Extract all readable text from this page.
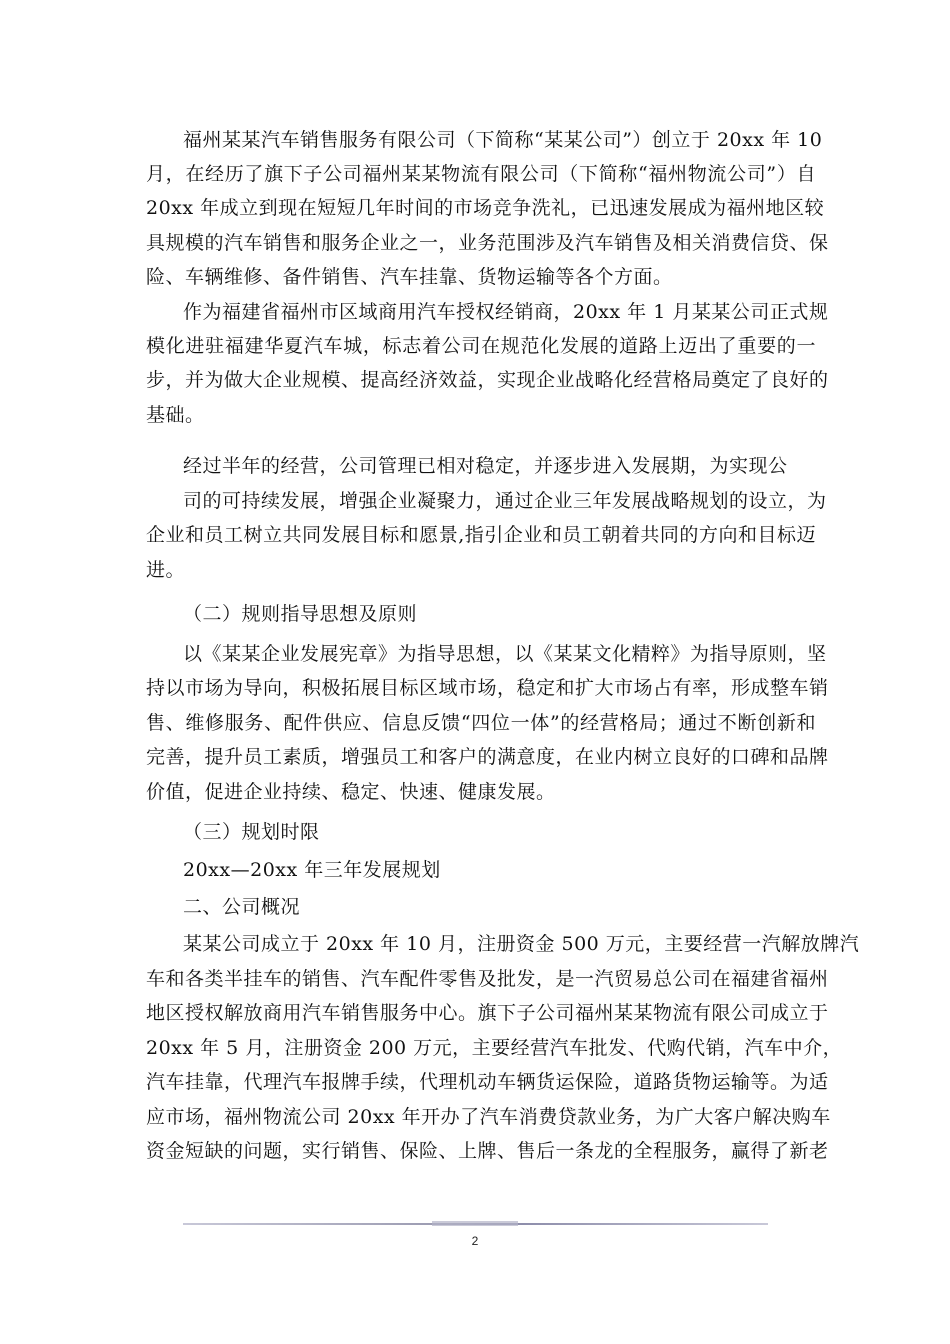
福州某某汽车销售服务有限公司（下简称“某某公司”）创立于 20xx 年 10
月，在经历了旗下子公司福州某某物流有限公司（下简称“福州物流公司”）自
20xx 年成立到现在短短几年时间的市场竞争洗礼，已迅速发展成为福州地区较
具规模的汽车销售和服务企业之一，业务范围涉及汽车销售及相关消费信贷、保
险、车辆维修、备件销售、汽车挂靠、货物运输等各个方面。
作为福建省福州市区域商用汽车授权经销商，20xx 年 1 月某某公司正式规
模化进驻福建华夏汽车城，标志着公司在规范化发展的道路上迈出了重要的一
步，并为做大企业规模、提高经济效益，实现企业战略化经营格局奠定了良好的
基础。
经过半年的经营，公司管理已相对稳定，并逐步进入发展期，为实现公
司的可持续发展，增强企业凝聚力，通过企业三年发展战略规划的设立，为
企业和员工树立共同发展目标和愿景,指引企业和员工朝着共同的方向和目标迈
进。
（二）规则指导思想及原则
以《某某企业发展宪章》为指导思想，以《某某文化精粹》为指导原则，坚
持以市场为导向，积极拓展目标区域市场，稳定和扩大市场占有率，形成整车销
售、维修服务、配件供应、信息反馈“四位一体”的经营格局；通过不断创新和
完善，提升员工素质，增强员工和客户的满意度，在业内树立良好的口碑和品牌
价值，促进企业持续、稳定、快速、健康发展。
（三）规划时限
20xx—20xx 年三年发展规划
二、公司概况
某某公司成立于 20xx 年 10 月，注册资金 500 万元，主要经营一汽解放牌汽
车和各类半挂车的销售、汽车配件零售及批发，是一汽贸易总公司在福建省福州
地区授权解放商用汽车销售服务中心。旗下子公司福州某某物流有限公司成立于
20xx 年 5 月，注册资金 200 万元，主要经营汽车批发、代购代销，汽车中介，
汽车挂靠，代理汽车报牌手续，代理机动车辆货运保险，道路货物运输等。为适
应市场，福州物流公司 20xx 年开办了汽车消费贷款业务，为广大客户解决购车
资金短缺的问题，实行销售、保险、上牌、售后一条龙的全程服务，赢得了新老
2
